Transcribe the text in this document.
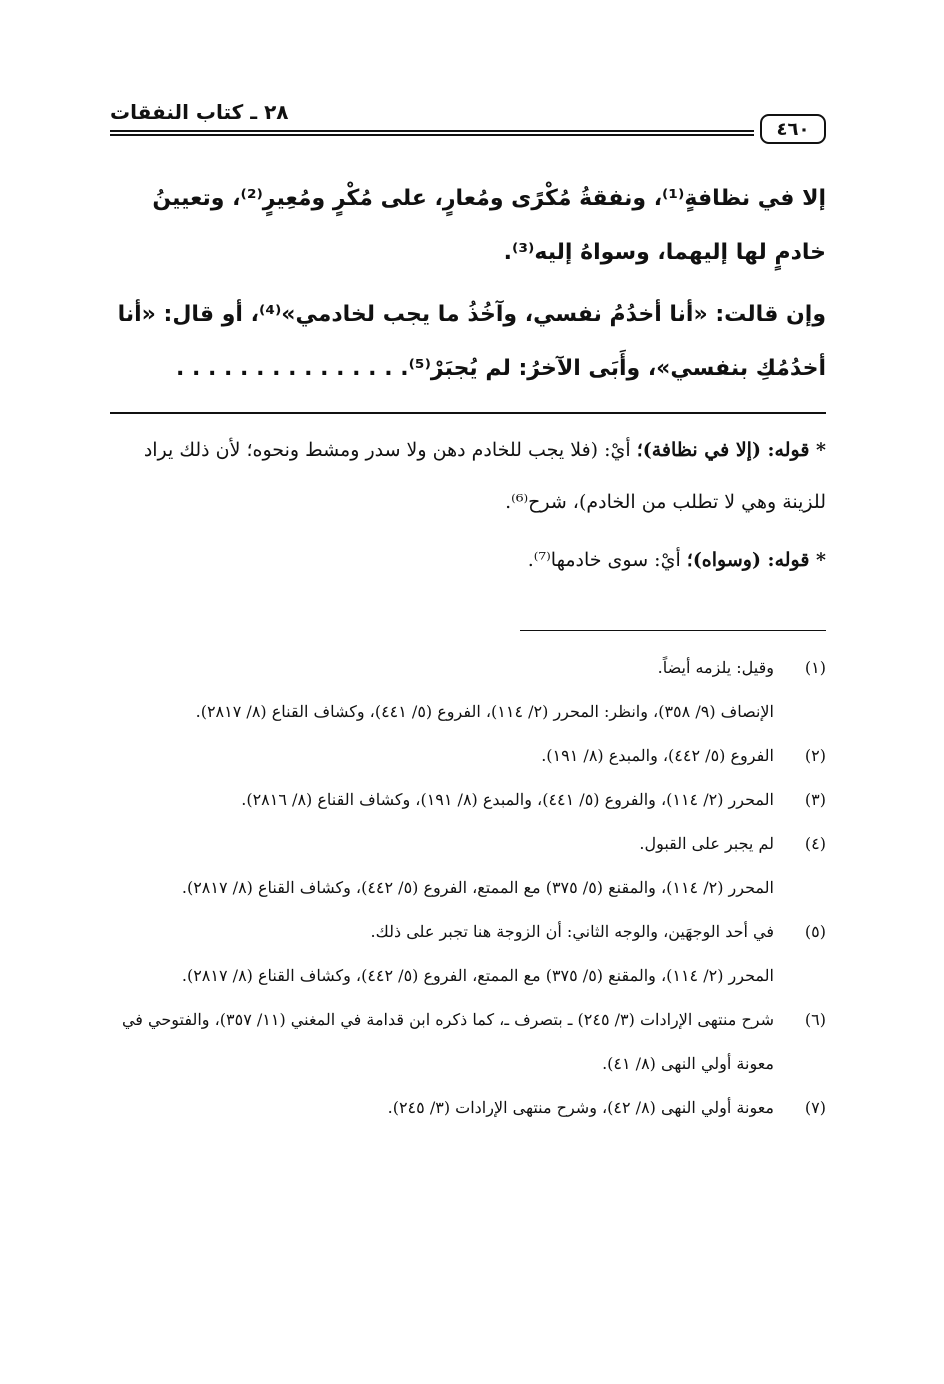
٢٨ ـ كتاب النفقات
٤٦٠

إلا في نظافةٍ⁽¹⁾، ونفقةُ مُكْرًى ومُعارٍ، على مُكْرٍ ومُعِيرٍ⁽²⁾، وتعيينُ خادمٍ لها إليهما، وسواهُ إليه⁽³⁾.

وإن قالت: «أنا أخدُمُ نفسي، وآخُذُ ما يجب لخادمي»⁽⁴⁾، أو قال: «أنا أخدُمُكِ بنفسي»، وأَبَى الآخرُ: لم يُجبَرْ⁽⁵⁾. . . . . . . . . . . . . . .

* قوله: (إلا في نظافة)؛ أيْ: (فلا يجب للخادم دهن ولا سدر ومشط ونحوه؛ لأن ذلك يراد للزينة وهي لا تطلب من الخادم)، شرح⁽⁶⁾.

* قوله: (وسواه)؛ أيْ: سوى خادمها⁽⁷⁾.

(١)
وقيل: يلزمه أيضاً.
الإنصاف (٩/ ٣٥٨)، وانظر: المحرر (٢/ ١١٤)، الفروع (٥/ ٤٤١)، وكشاف القناع (٨/ ٢٨١٧).
(٢)
الفروع (٥/ ٤٤٢)، والمبدع (٨/ ١٩١).
(٣)
المحرر (٢/ ١١٤)، والفروع (٥/ ٤٤١)، والمبدع (٨/ ١٩١)، وكشاف القناع (٨/ ٢٨١٦).
(٤)
لم يجبر على القبول.
المحرر (٢/ ١١٤)، والمقنع (٥/ ٣٧٥) مع الممتع، الفروع (٥/ ٤٤٢)، وكشاف القناع (٨/ ٢٨١٧).
(٥)
في أحد الوجهَين، والوجه الثاني: أن الزوجة هنا تجبر على ذلك.
المحرر (٢/ ١١٤)، والمقنع (٥/ ٣٧٥) مع الممتع، الفروع (٥/ ٤٤٢)، وكشاف القناع (٨/ ٢٨١٧).
(٦)
شرح منتهى الإرادات (٣/ ٢٤٥) ـ بتصرف ـ، كما ذكره ابن قدامة في المغني (١١/ ٣٥٧)، والفتوحي في معونة أولي النهى (٨/ ٤١).
(٧)
معونة أولي النهى (٨/ ٤٢)، وشرح منتهى الإرادات (٣/ ٢٤٥).
